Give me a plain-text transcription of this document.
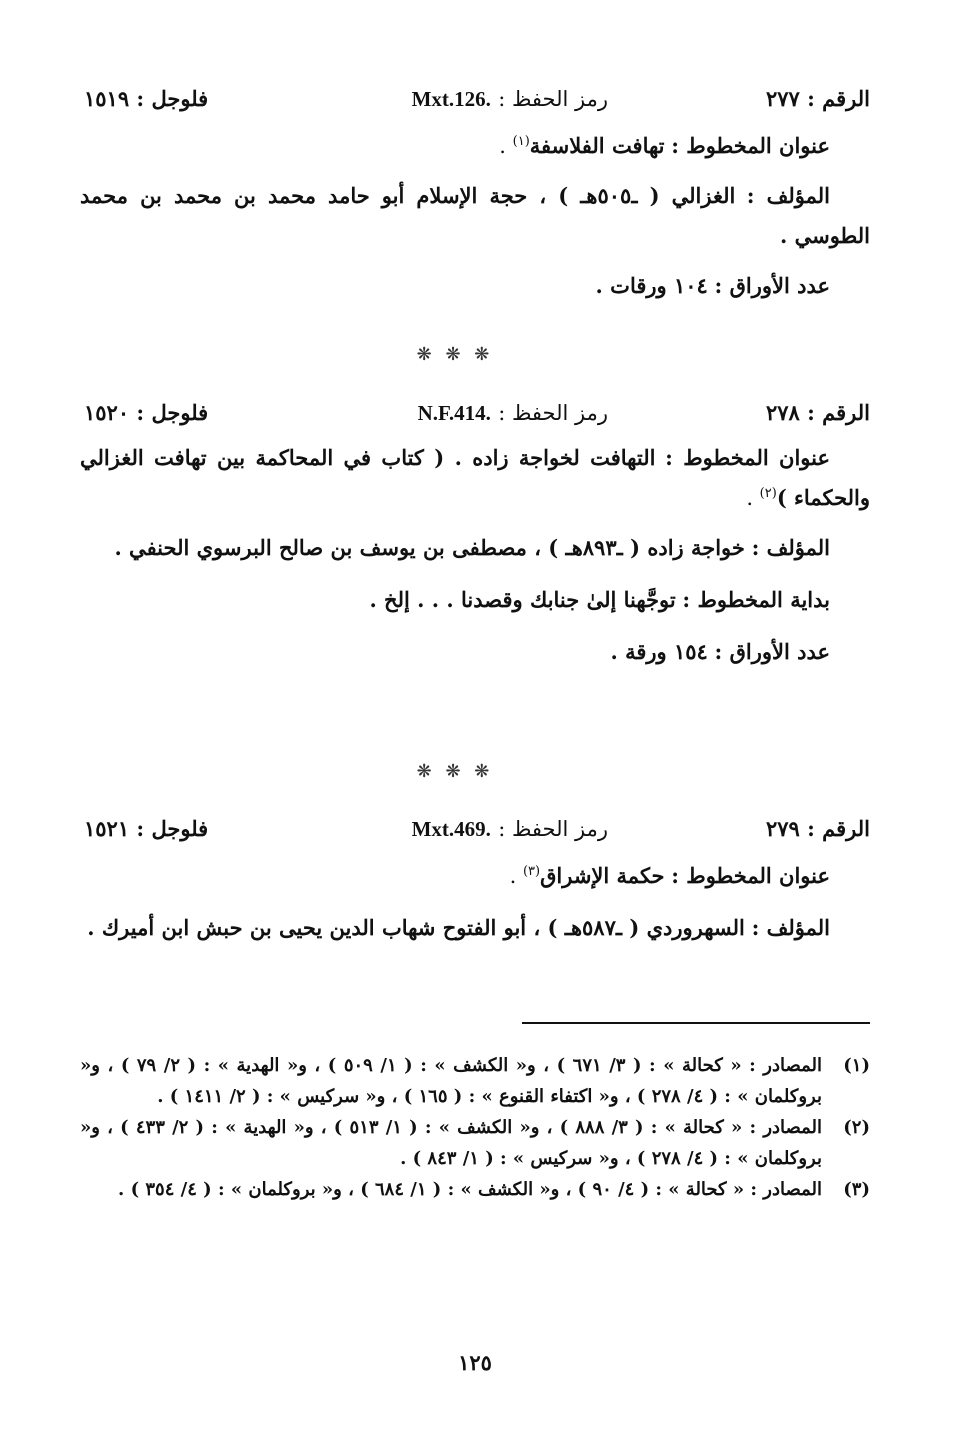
الرقم : ٢٧٧
رمز الحفظ : Mxt.126.
فلوجل : ١٥١٩

عنوان المخطوط : تهافت الفلاسفة$^{(١)}$ .

المؤلف : الغزالي ( ـ٥٠٥هـ ) ، حجة الإسلام أبو حامد محمد بن محمد بن محمد الطوسي .

عدد الأوراق : ١٠٤ ورقات .

❋ ❋ ❋
الرقم : ٢٧٨
رمز الحفظ : N.F.414.
فلوجل : ١٥٢٠

عنوان المخطوط : التهافت لخواجة زاده . ( كتاب في المحاكمة بين تهافت الغزالي والحكماء )$^{(٢)}$ .

المؤلف : خواجة زاده ( ـ٨٩٣هـ ) ، مصطفى بن يوسف بن صالح البرسوي الحنفي .

بداية المخطوط : توجَّهنا إلىٰ جنابك وقصدنا . . . إلخ .

عدد الأوراق : ١٥٤ ورقة .

❋ ❋ ❋
الرقم : ٢٧٩
رمز الحفظ : Mxt.469.
فلوجل : ١٥٢١

عنوان المخطوط : حكمة الإشراق$^{(٣)}$ .

المؤلف : السهروردي ( ـ٥٨٧هـ ) ، أبو الفتوح شهاب الدين يحيى بن حبش ابن أميرك .

(١)
المصادر : « كحالة » : ( ٣/ ٦٧١ ) ، و« الكشف » : ( ١/ ٥٠٩ ) ، و« الهدية » : ( ٢/ ٧٩ ) ، و« بروكلمان » : ( ٤/ ٢٧٨ ) ، و« اكتفاء القنوع » : ( ١٦٥ ) ، و« سركيس » : ( ٢/ ١٤١١ ) .
(٢)
المصادر : « كحالة » : ( ٣/ ٨٨٨ ) ، و« الكشف » : ( ١/ ٥١٣ ) ، و« الهدية » : ( ٢/ ٤٣٣ ) ، و« بروكلمان » : ( ٤/ ٢٧٨ ) ، و« سركيس » : ( ١/ ٨٤٣ ) .
(٣)
المصادر : « كحالة » : ( ٤/ ٩٠ ) ، و« الكشف » : ( ١/ ٦٨٤ ) ، و« بروكلمان » : ( ٤/ ٣٥٤ ) .
١٢٥
